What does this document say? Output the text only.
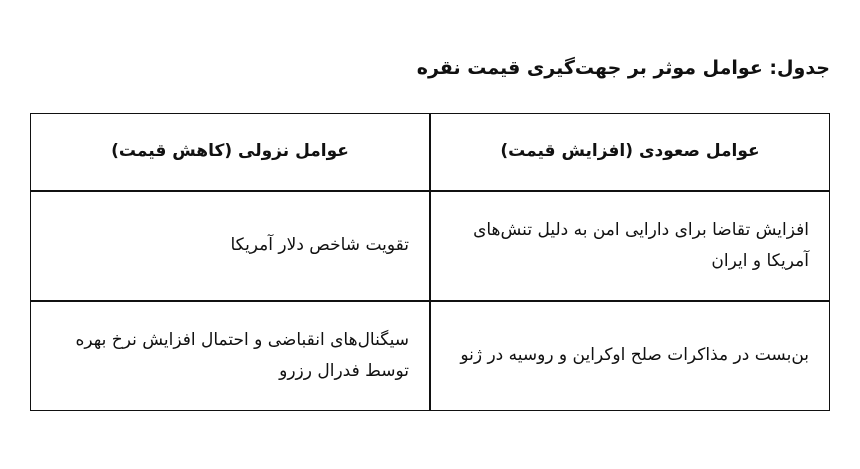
جدول: عوامل موثر بر جهت‌گیری قیمت نقره
عوامل صعودی (افزایش قیمت)	عوامل نزولی (کاهش قیمت)

افزایش تقاضا برای دارایی امن به دلیل تنش‌های آمریکا و ایران	تقویت شاخص دلار آمریکا

بن‌بست در مذاکرات صلح اوکراین و روسیه در ژنو	سیگنال‌های انقباضی و احتمال افزایش نرخ بهره توسط فدرال رزرو
